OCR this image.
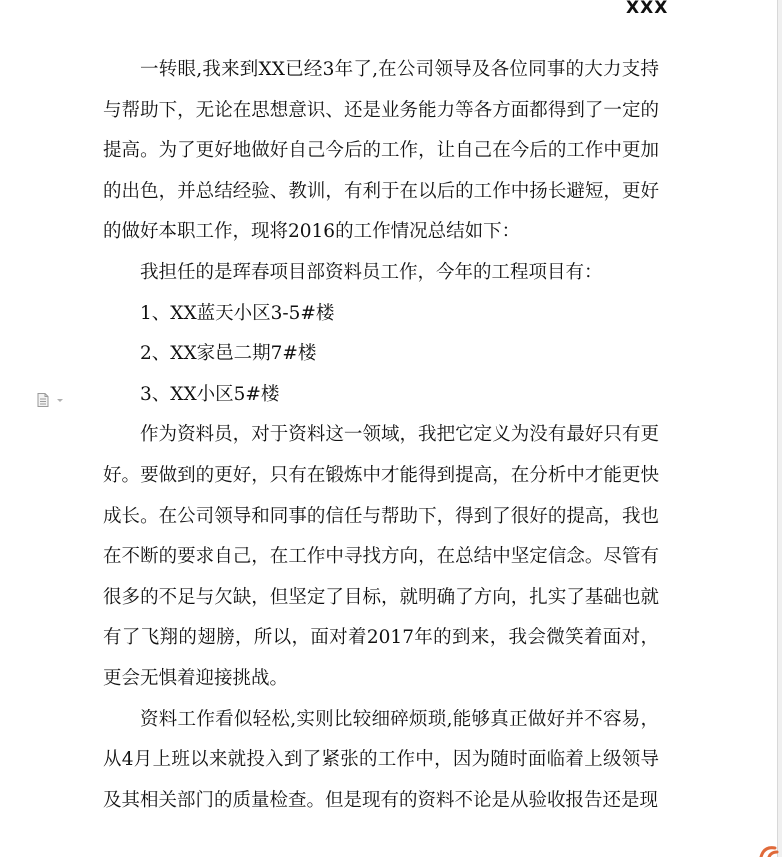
XXX

一转眼,我来到XX已经3年了,在公司领导及各位同事的大力支持与帮助下，无论在思想意识、还是业务能力等各方面都得到了一定的提高。为了更好地做好自己今后的工作，让自己在今后的工作中更加的出色，并总结经验、教训，有利于在以后的工作中扬长避短，更好的做好本职工作，现将2016的工作情况总结如下：

我担任的是珲春项目部资料员工作，今年的工程项目有：

1、XX蓝天小区3-5#楼

2、XX家邑二期7#楼

3、XX小区5#楼

作为资料员，对于资料这一领域，我把它定义为没有最好只有更好。要做到的更好，只有在锻炼中才能得到提高，在分析中才能更快成长。在公司领导和同事的信任与帮助下，得到了很好的提高，我也在不断的要求自己，在工作中寻找方向，在总结中坚定信念。尽管有很多的不足与欠缺，但坚定了目标，就明确了方向，扎实了基础也就有了飞翔的翅膀，所以，面对着2017年的到来，我会微笑着面对，更会无惧着迎接挑战。

资料工作看似轻松,实则比较细碎烦琐,能够真正做好并不容易，从4月上班以来就投入到了紧张的工作中，因为随时面临着上级领导及其相关部门的质量检查。但是现有的资料不论是从验收报告还是现
